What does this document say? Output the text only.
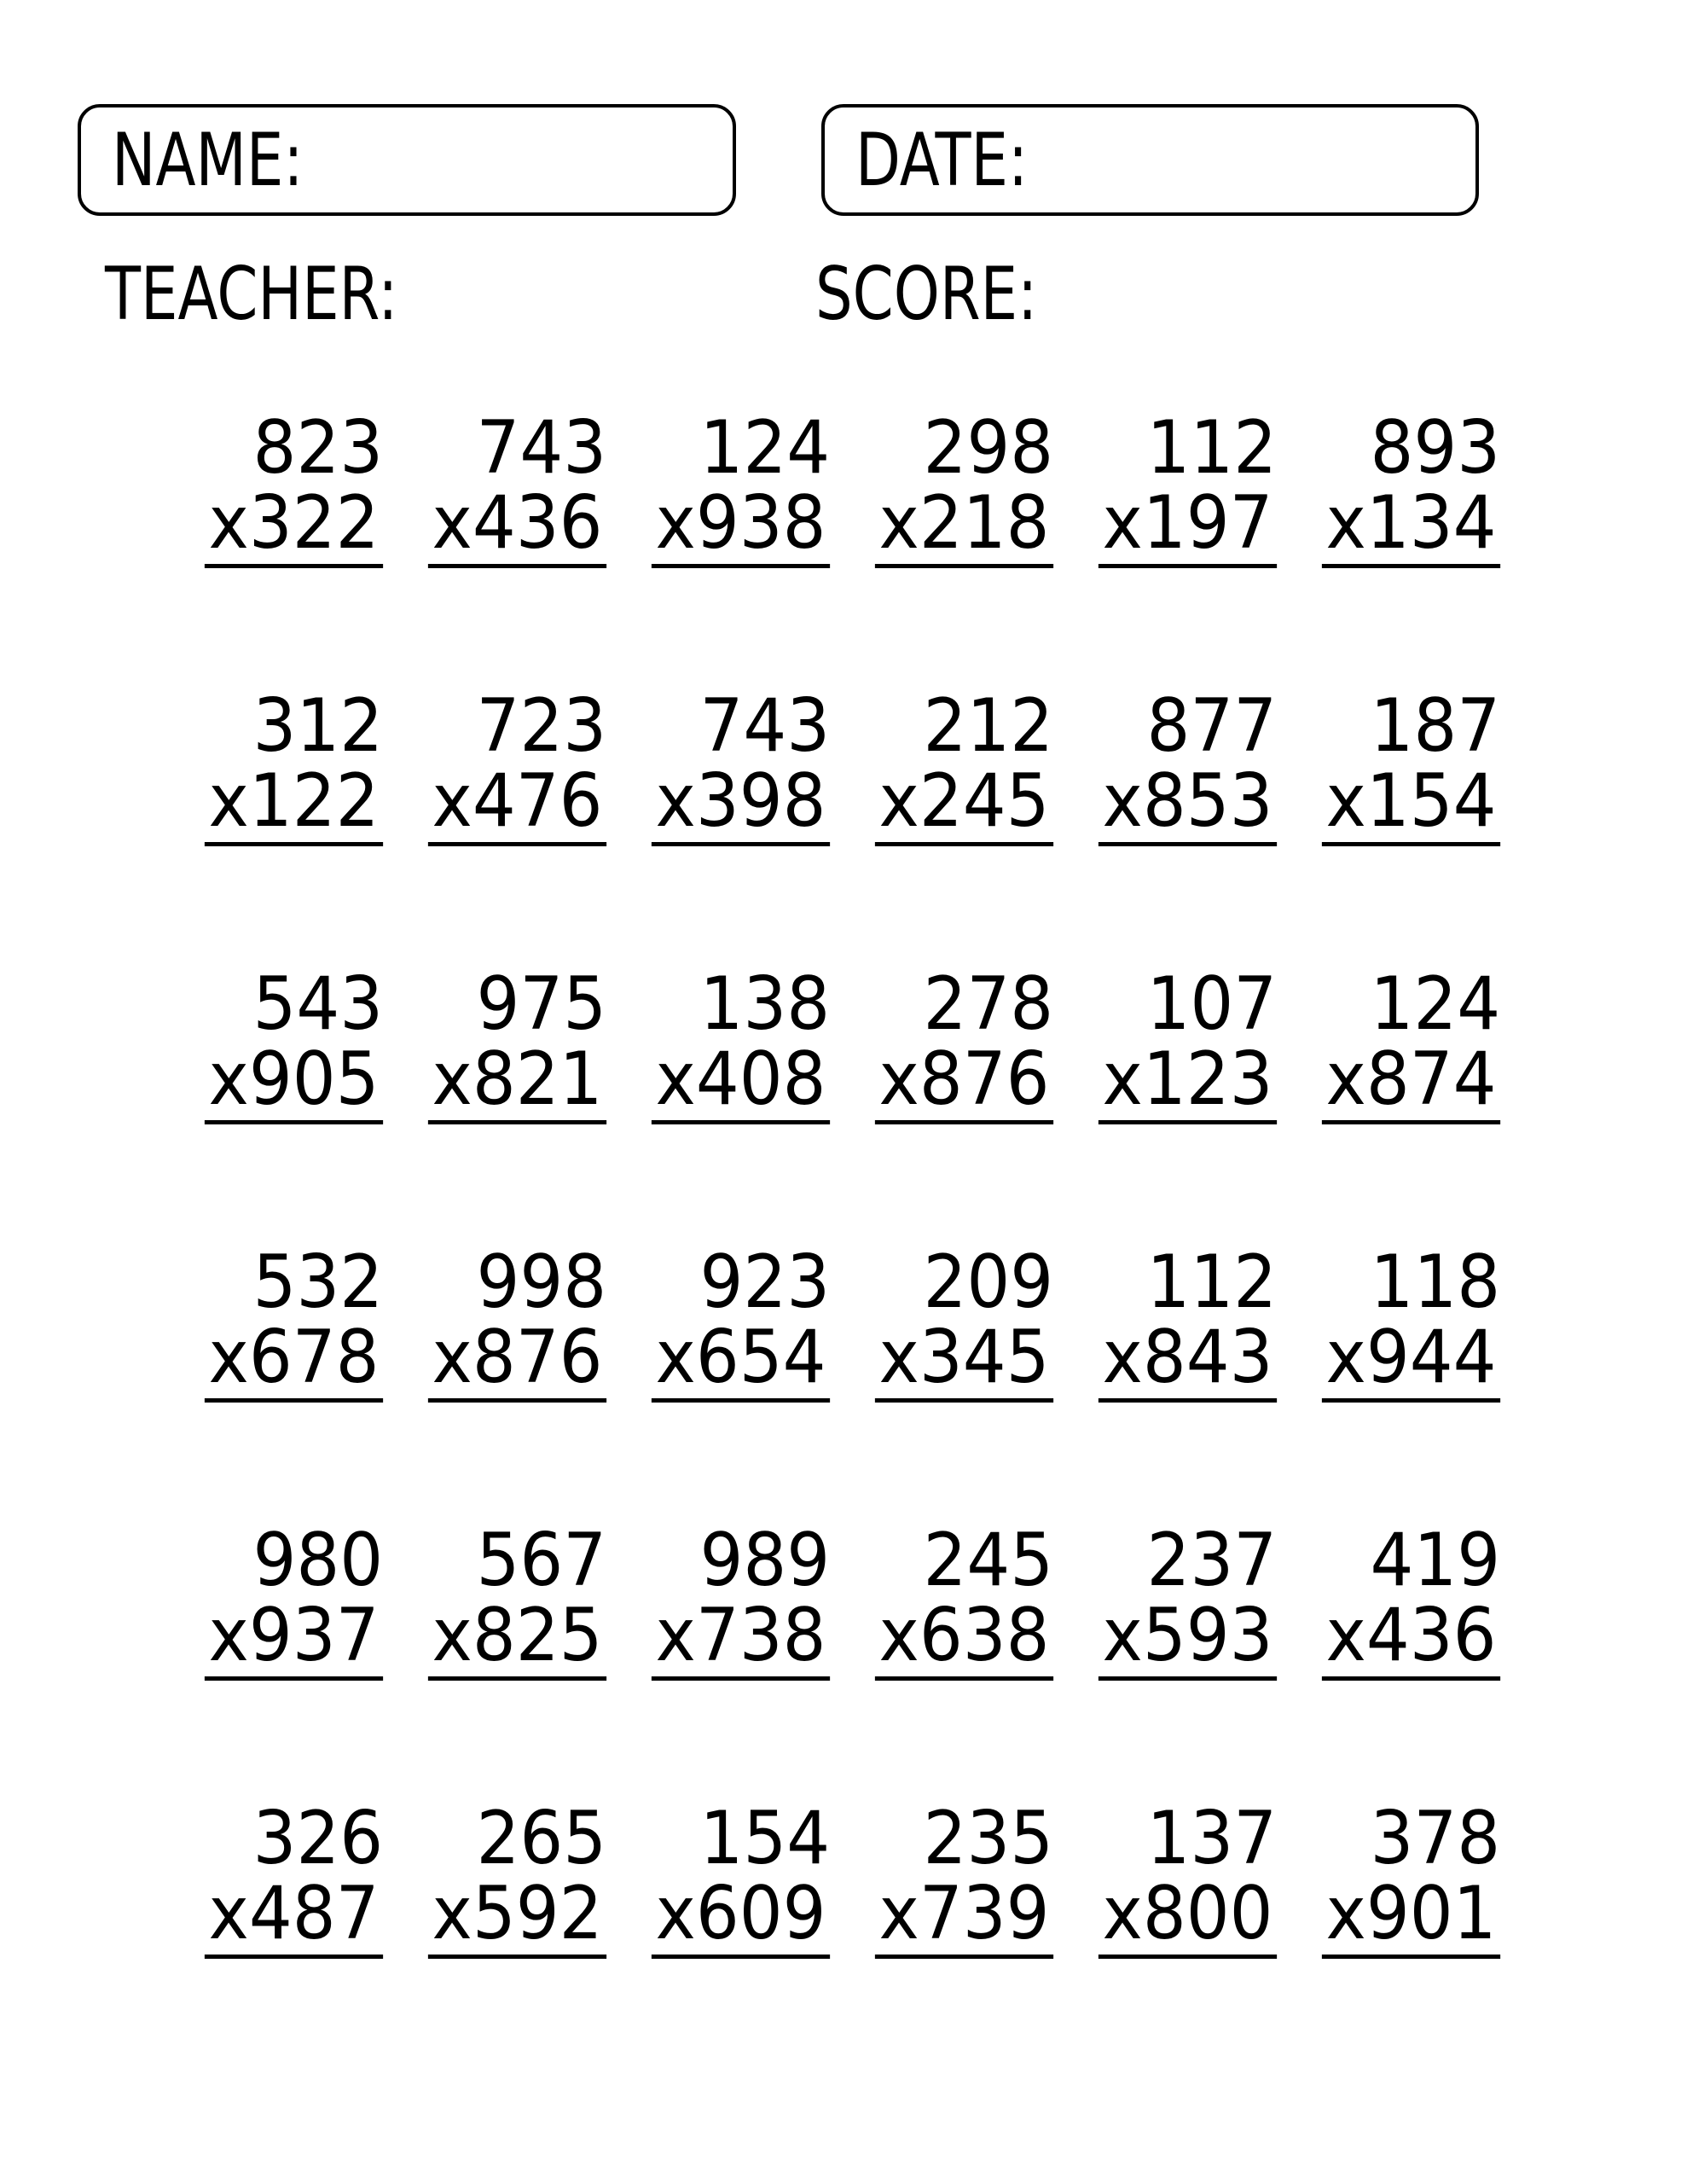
NAME:	DATE:
TEACHER:	SCORE:
823
x322
743
x436
124
x938
298
x218
112
x197
893
x134
312
x122
723
x476
743
x398
212
x245
877
x853
187
x154
543
x905
975
x821
138
x408
278
x876
107
x123
124
x874
532
x678
998
x876
923
x654
209
x345
112
x843
118
x944
980
x937
567
x825
989
x738
245
x638
237
x593
419
x436
326
x487
265
x592
154
x609
235
x739
137
x800
378
x901
